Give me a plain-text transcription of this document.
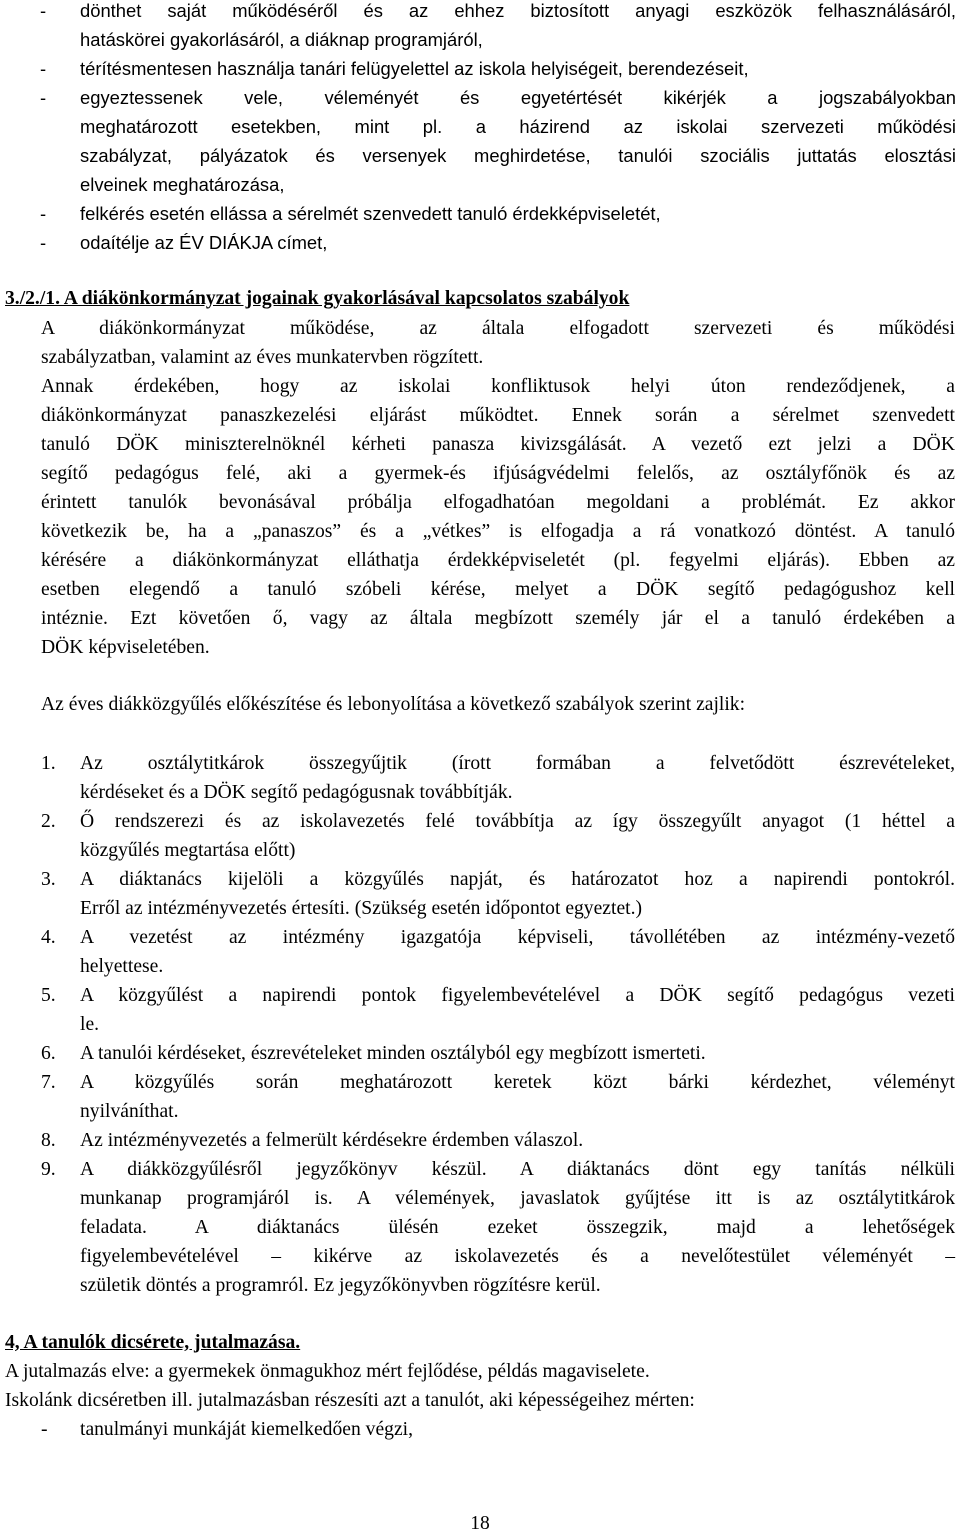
- dönthet saját működéséről és az ehhez biztosított anyagi eszközök felhasználásáról,
hatáskörei gyakorlásáról, a diáknap programjáról,
- térítésmentesen használja tanári felügyelettel az iskola helyiségeit, berendezéseit,
- egyeztessenek vele, véleményét és egyetértését kikérjék a jogszabályokban
meghatározott esetekben, mint pl. a házirend az iskolai szervezeti működési
szabályzat, pályázatok és versenyek meghirdetése, tanulói szociális juttatás elosztási
elveinek meghatározása,
- felkérés esetén ellássa a sérelmét szenvedett tanuló érdekképviseletét,
- odaítélje az ÉV DIÁKJA címet,
3./2./1. A diákönkormányzat jogainak gyakorlásával kapcsolatos szabályok
A diákönkormányzat működése, az általa elfogadott szervezeti és működési
szabályzatban, valamint az éves munkatervben rögzített.
Annak érdekében, hogy az iskolai konfliktusok helyi úton rendeződjenek, a
diákönkormányzat panaszkezelési eljárást működtet. Ennek során a sérelmet szenvedett
tanuló DÖK miniszterelnöknél kérheti panasza kivizsgálását. A vezető ezt jelzi a DÖK
segítő pedagógus felé, aki a gyermek-és ifjúságvédelmi felelős, az osztályfőnök és az
érintett tanulók bevonásával próbálja elfogadhatóan megoldani a problémát. Ez akkor
következik be, ha a „panaszos” és a „vétkes” is elfogadja a rá vonatkozó döntést. A tanuló
kérésére a diákönkormányzat elláthatja érdekképviseletét (pl. fegyelmi eljárás). Ebben az
esetben elegendő a tanuló szóbeli kérése, melyet a DÖK segítő pedagógushoz kell
intéznie. Ezt követően ő, vagy az általa megbízott személy jár el a tanuló érdekében a
DÖK képviseletében.
Az éves diákközgyűlés előkészítése és lebonyolítása a következő szabályok szerint zajlik:
1. Az osztálytitkárok összegyűjtik (írott formában a felvetődött észrevételeket,
kérdéseket és a DÖK segítő pedagógusnak továbbítják.
2. Ő rendszerezi és az iskolavezetés felé továbbítja az így összegyűlt anyagot (1 héttel a
közgyűlés megtartása előtt)
3. A diáktanács kijelöli a közgyűlés napját, és határozatot hoz a napirendi pontokról.
Erről az intézményvezetés értesíti. (Szükség esetén időpontot egyeztet.)
4. A vezetést az intézmény igazgatója képviseli, távollétében az intézmény-vezető
helyettese.
5. A közgyűlést a napirendi pontok figyelembevételével a DÖK segítő pedagógus vezeti
le.
6. A tanulói kérdéseket, észrevételeket minden osztályból egy megbízott ismerteti.
7. A közgyűlés során meghatározott keretek közt bárki kérdezhet, véleményt
nyilváníthat.
8. Az intézményvezetés a felmerült kérdésekre érdemben válaszol.
9. A diákközgyűlésről jegyzőkönyv készül. A diáktanács dönt egy tanítás nélküli
munkanap programjáról is. A vélemények, javaslatok gyűjtése itt is az osztálytitkárok
feladata. A diáktanács ülésén ezeket összegzik, majd a lehetőségek
figyelembevételével – kikérve az iskolavezetés és a nevelőtestület véleményét –
születik döntés a programról. Ez jegyzőkönyvben rögzítésre kerül.
4, A tanulók dicsérete, jutalmazása.
A jutalmazás elve: a gyermekek önmagukhoz mért fejlődése, példás magaviselete.
Iskolánk dicséretben ill. jutalmazásban részesíti azt a tanulót, aki képességeihez mérten:
- tanulmányi munkáját kiemelkedően végzi,
18
